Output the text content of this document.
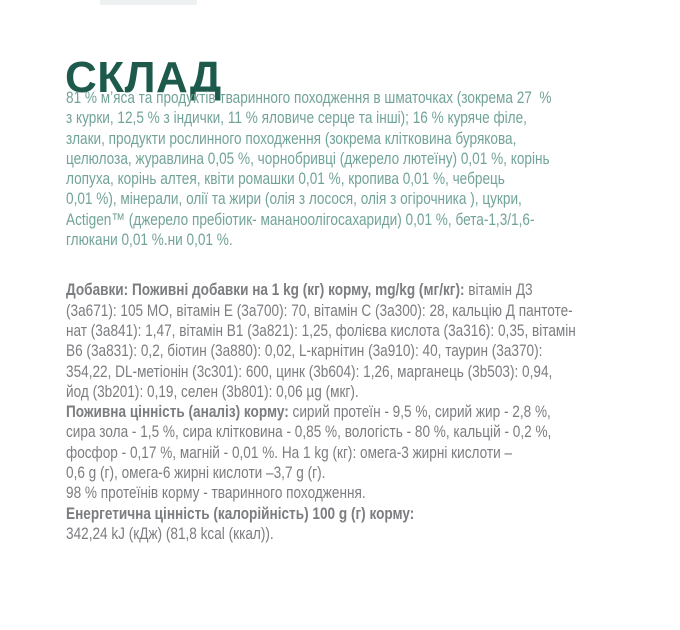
СКЛАД
81 % м’яса та продуктів тваринного походження в шматочках (зокрема 27  %
з курки, 12,5 % з індички, 11 % яловиче серце та інші); 16 % куряче філе,
злаки, продукти рослинного походження (зокрема клітковина бурякова,
целюлоза, журавлина 0,05 %, чорнобривці (джерело лютеїну) 0,01 %, корінь
лопуха, корінь алтея, квіти ромашки 0,01 %, кропива 0,01 %, чебрець
0,01 %), мінерали, олії та жири (олія з лосося, олія з огірочника ), цукри,
Actigen™ (джерело пребіотик- мананоолігосахариди) 0,01 %, бета-1,3/1,6-
глюкани 0,01 %.ни 0,01 %.
Добавки: Поживні добавки на 1 kg (кг) корму, mg/kg (мг/кг): вітамін Д3
(3а671): 105 МО, вітамін Е (3а700): 70, вітамін С (3а300): 28, кальцію Д пантоте-
нат (3а841): 1,47, вітамін В1 (3а821): 1,25, фолієва кислота (3а316): 0,35, вітамін
В6 (3а831): 0,2, біотин (3а880): 0,02, L-карнітин (3а910): 40, таурин (3а370):
354,22, DL-метіонін (3с301): 600, цинк (3b604): 1,26, марганець (3b503): 0,94,
йод (3b201): 0,19, селен (3b801): 0,06 µg (мкг).
Поживна цінність (аналіз) корму: сирий протеїн - 9,5 %, сирий жир - 2,8 %,
сира зола - 1,5 %, сира клітковина - 0,85 %, вологість - 80 %, кальцій - 0,2 %,
фосфор - 0,17 %, магній - 0,01 %. На 1 kg (кг): омега-3 жирні кислоти –
0,6 g (г), омега-6 жирні кислоти –3,7 g (г).
98 % протеїнів корму - тваринного походження.
Енергетична цінність (калорійність) 100 g (г) корму:
342,24 kJ (кДж) (81,8 kcal (ккал)).
